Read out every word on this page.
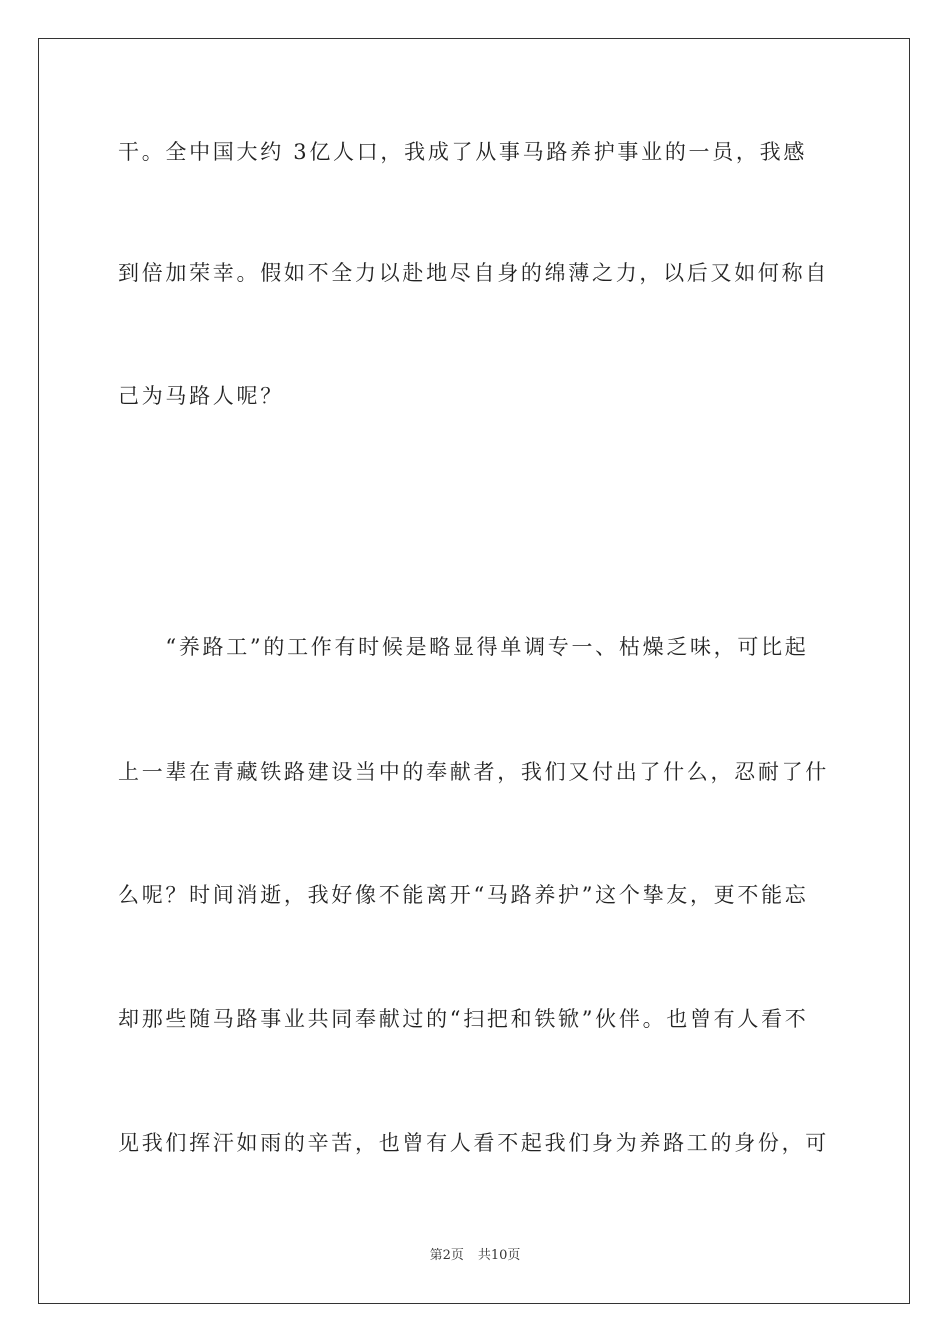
干。全中国大约 3亿人口，我成了从事马路养护事业的一员，我感
到倍加荣幸。假如不全力以赴地尽自身的绵薄之力，以后又如何称自
己为马路人呢？
　　“养路工”的工作有时候是略显得单调专一、枯燥乏味，可比起
上一辈在青藏铁路建设当中的奉献者，我们又付出了什么，忍耐了什
么呢？时间消逝，我好像不能离开“马路养护”这个挚友，更不能忘
却那些随马路事业共同奉献过的“扫把和铁锨”伙伴。也曾有人看不
见我们挥汗如雨的辛苦，也曾有人看不起我们身为养路工的身份，可
第2页 共10页
